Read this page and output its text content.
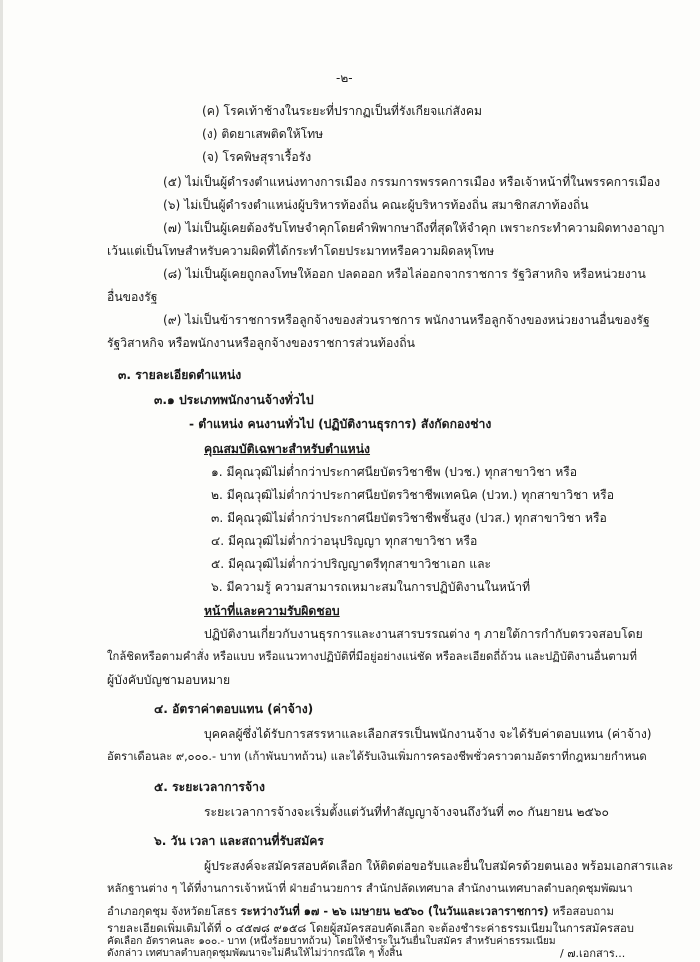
-๒-
(ค) โรคเท้าช้างในระยะที่ปรากฏเป็นที่รังเกียจแก่สังคม
(ง) ติดยาเสพติดให้โทษ
(จ) โรคพิษสุราเรื้อรัง
(๕) ไม่เป็นผู้ดำรงตำแหน่งทางการเมือง กรรมการพรรคการเมือง หรือเจ้าหน้าที่ในพรรคการเมือง
(๖) ไม่เป็นผู้ดำรงตำแหน่งผู้บริหารท้องถิ่น คณะผู้บริหารท้องถิ่น สมาชิกสภาท้องถิ่น
(๗) ไม่เป็นผู้เคยต้องรับโทษจำคุกโดยคำพิพากษาถึงที่สุดให้จำคุก เพราะกระทำความผิดทางอาญา
เว้นแต่เป็นโทษสำหรับความผิดที่ได้กระทำโดยประมาทหรือความผิดลหุโทษ
(๘) ไม่เป็นผู้เคยถูกลงโทษให้ออก ปลดออก หรือไล่ออกจากราชการ รัฐวิสาหกิจ หรือหน่วยงาน
อื่นของรัฐ
(๙) ไม่เป็นข้าราชการหรือลูกจ้างของส่วนราชการ พนักงานหรือลูกจ้างของหน่วยงานอื่นของรัฐ
รัฐวิสาหกิจ หรือพนักงานหรือลูกจ้างของราชการส่วนท้องถิ่น
๓. รายละเอียดตำแหน่ง
๓.๑ ประเภทพนักงานจ้างทั่วไป
- ตำแหน่ง คนงานทั่วไป (ปฏิบัติงานธุรการ) สังกัดกองช่าง
คุณสมบัติเฉพาะสำหรับตำแหน่ง
๑. มีคุณวุฒิไม่ต่ำกว่าประกาศนียบัตรวิชาชีพ (ปวช.) ทุกสาขาวิชา หรือ
๒. มีคุณวุฒิไม่ต่ำกว่าประกาศนียบัตรวิชาชีพเทคนิค (ปวท.) ทุกสาขาวิชา หรือ
๓. มีคุณวุฒิไม่ต่ำกว่าประกาศนียบัตรวิชาชีพชั้นสูง (ปวส.) ทุกสาขาวิชา หรือ
๔. มีคุณวุฒิไม่ต่ำกว่าอนุปริญญา ทุกสาขาวิชา หรือ
๕. มีคุณวุฒิไม่ต่ำกว่าปริญญาตรีทุกสาขาวิชาเอก และ
๖. มีความรู้ ความสามารถเหมาะสมในการปฏิบัติงานในหน้าที่
หน้าที่และความรับผิดชอบ
ปฏิบัติงานเกี่ยวกับงานธุรการและงานสารบรรณต่าง ๆ ภายใต้การกำกับตรวจสอบโดย
ใกล้ชิดหรือตามคำสั่ง หรือแบบ หรือแนวทางปฏิบัติที่มีอยู่อย่างแน่ชัด หรือละเอียดถี่ถ้วน และปฏิบัติงานอื่นตามที่
ผู้บังคับบัญชามอบหมาย
๔. อัตราค่าตอบแทน (ค่าจ้าง)
บุคคลผู้ซึ่งได้รับการสรรหาและเลือกสรรเป็นพนักงานจ้าง จะได้รับค่าตอบแทน (ค่าจ้าง)
อัตราเดือนละ ๙,๐๐๐.- บาท (เก้าพันบาทถ้วน) และได้รับเงินเพิ่มการครองชีพชั่วคราวตามอัตราที่กฎหมายกำหนด
๕. ระยะเวลาการจ้าง
ระยะเวลาการจ้างจะเริ่มตั้งแต่วันที่ทำสัญญาจ้างจนถึงวันที่ ๓๐ กันยายน ๒๕๖๐
๖. วัน เวลา และสถานที่รับสมัคร
ผู้ประสงค์จะสมัครสอบคัดเลือก ให้ติดต่อขอรับและยื่นใบสมัครด้วยตนเอง พร้อมเอกสารและ
หลักฐานต่าง ๆ ได้ที่งานการเจ้าหน้าที่ ฝ่ายอำนวยการ สำนักปลัดเทศบาล สำนักงานเทศบาลตำบลกุดชุมพัฒนา
อำเภอกุดชุม จังหวัดยโสธร ระหว่างวันที่ ๑๗ - ๒๖ เมษายน ๒๕๖๐ (ในวันและเวลาราชการ) หรือสอบถาม
รายละเอียดเพิ่มเติมได้ที่ ๐ ๔๕๗๘ ๙๑๕๘ โดยผู้สมัครสอบคัดเลือก จะต้องชำระค่าธรรมเนียมในการสมัครสอบ
คัดเลือก อัตราคนละ ๑๐๐.- บาท (หนึ่งร้อยบาทถ้วน) โดยให้ชำระในวันยื่นใบสมัคร สำหรับค่าธรรมเนียม
ดังกล่าว เทศบาลตำบลกุดชุมพัฒนาจะไม่คืนให้ไม่ว่ากรณีใด ๆ ทั้งสิ้น	/ ๗.เอกสาร...
